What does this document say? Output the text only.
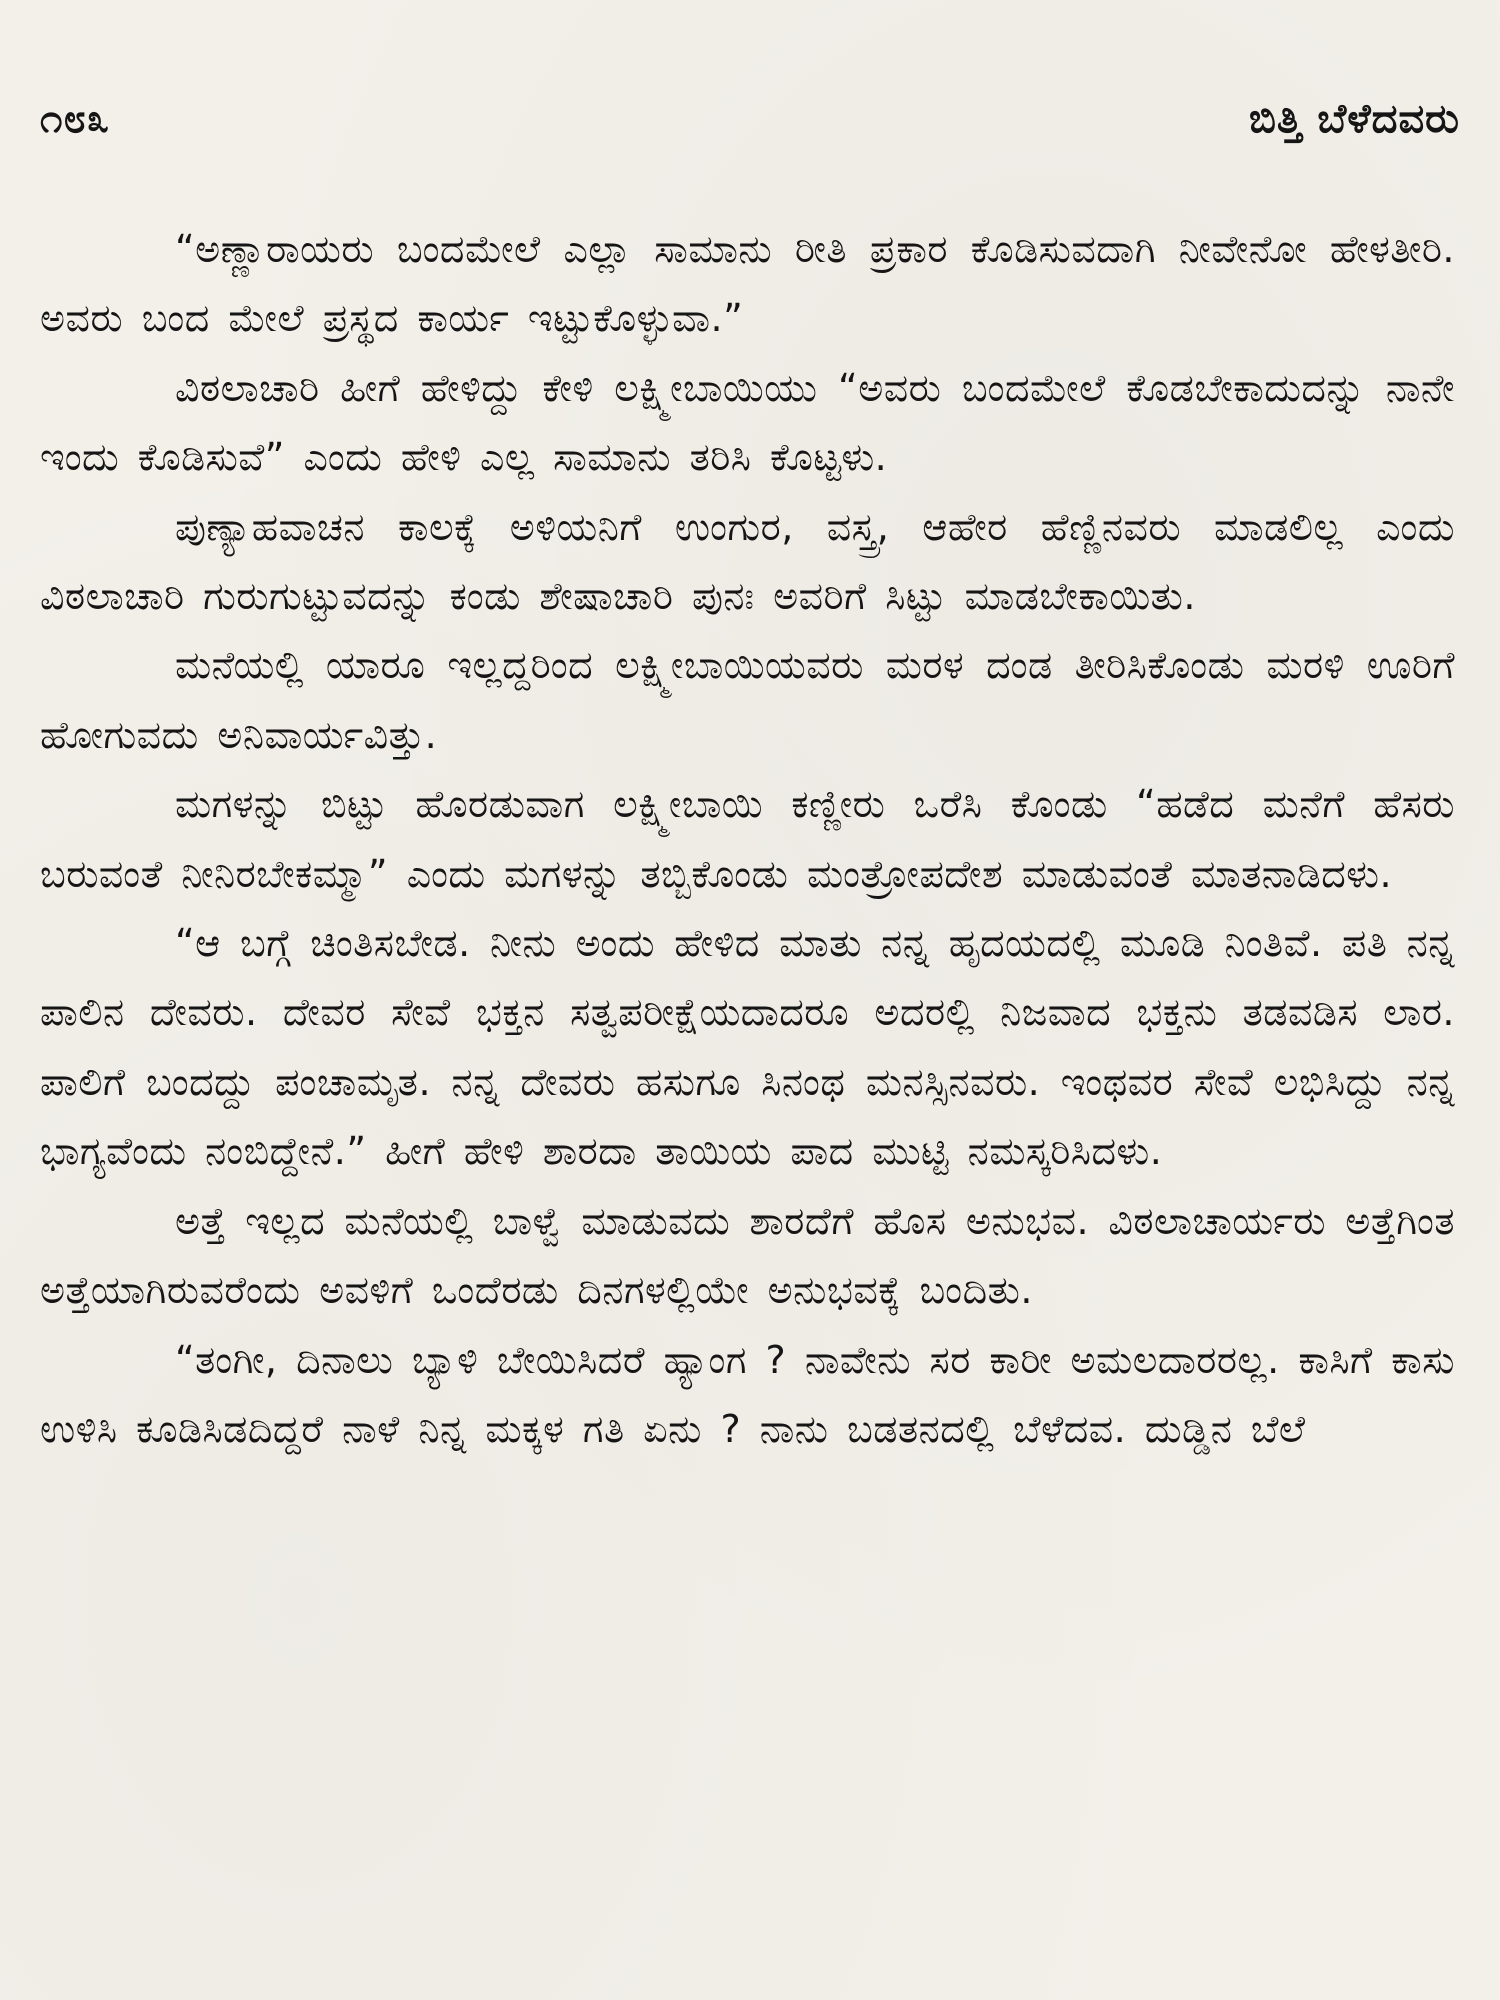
೧೮೩	ಬಿತ್ತಿ ಬೆಳೆದವರು

“ಅಣ್ಣಾರಾಯರು ಬಂದಮೇಲೆ ಎಲ್ಲಾ ಸಾಮಾನು ರೀತಿ ಪ್ರಕಾರ ಕೊಡಿಸುವದಾಗಿ ನೀವೇನೋ ಹೇಳತೀರಿ. ಅವರು ಬಂದ ಮೇಲೆ ಪ್ರಸ್ಥದ ಕಾರ್ಯ ಇಟ್ಟುಕೊಳ್ಳುವಾ.”

ವಿಠಲಾಚಾರಿ ಹೀಗೆ ಹೇಳಿದ್ದು ಕೇಳಿ ಲಕ್ಷ್ಮೀಬಾಯಿಯು “ಅವರು ಬಂದಮೇಲೆ ಕೊಡಬೇಕಾದುದನ್ನು ನಾನೇ ಇಂದು ಕೊಡಿಸುವೆ” ಎಂದು ಹೇಳಿ ಎಲ್ಲ ಸಾಮಾನು ತರಿಸಿ ಕೊಟ್ಟಳು.

ಪುಣ್ಯಾಹವಾಚನ ಕಾಲಕ್ಕೆ ಅಳಿಯನಿಗೆ ಉಂಗುರ, ವಸ್ತ್ರ, ಆಹೇರ ಹೆಣ್ಣಿನವರು ಮಾಡಲಿಲ್ಲ ಎಂದು ವಿಠಲಾಚಾರಿ ಗುರುಗುಟ್ಟುವದನ್ನು ಕಂಡು ಶೇಷಾಚಾರಿ ಪುನಃ ಅವರಿಗೆ ಸಿಟ್ಟು ಮಾಡಬೇಕಾಯಿತು.

ಮನೆಯಲ್ಲಿ ಯಾರೂ ಇಲ್ಲದ್ದರಿಂದ ಲಕ್ಷ್ಮೀಬಾಯಿಯವರು ಮರಳ ದಂಡ ತೀರಿಸಿಕೊಂಡು ಮರಳಿ ಊರಿಗೆ ಹೋಗುವದು ಅನಿವಾರ್ಯವಿತ್ತು.

ಮಗಳನ್ನು ಬಿಟ್ಟು ಹೊರಡುವಾಗ ಲಕ್ಷ್ಮೀಬಾಯಿ ಕಣ್ಣೀರು ಒರೆಸಿ ಕೊಂಡು “ಹಡೆದ ಮನೆಗೆ ಹೆಸರು ಬರುವಂತೆ ನೀನಿರಬೇಕಮ್ಮಾ” ಎಂದು ಮಗಳನ್ನು ತಬ್ಬಿಕೊಂಡು ಮಂತ್ರೋಪದೇಶ ಮಾಡುವಂತೆ ಮಾತನಾಡಿದಳು.

“ಆ ಬಗ್ಗೆ ಚಿಂತಿಸಬೇಡ. ನೀನು ಅಂದು ಹೇಳಿದ ಮಾತು ನನ್ನ ಹೃದಯದಲ್ಲಿ ಮೂಡಿ ನಿಂತಿವೆ. ಪತಿ ನನ್ನ ಪಾಲಿನ ದೇವರು. ದೇವರ ಸೇವೆ ಭಕ್ತನ ಸತ್ವಪರೀಕ್ಷೆಯದಾದರೂ ಅದರಲ್ಲಿ ನಿಜವಾದ ಭಕ್ತನು ತಡವಡಿಸ ಲಾರ. ಪಾಲಿಗೆ ಬಂದದ್ದು ಪಂಚಾಮೃತ. ನನ್ನ ದೇವರು ಹಸುಗೂ ಸಿನಂಥ ಮನಸ್ಸಿನವರು. ಇಂಥವರ ಸೇವೆ ಲಭಿಸಿದ್ದು ನನ್ನ ಭಾಗ್ಯವೆಂದು ನಂಬಿದ್ದೇನೆ.” ಹೀಗೆ ಹೇಳಿ ಶಾರದಾ ತಾಯಿಯ ಪಾದ ಮುಟ್ಟಿ ನಮಸ್ಕರಿಸಿದಳು.

ಅತ್ತೆ ಇಲ್ಲದ ಮನೆಯಲ್ಲಿ ಬಾಳ್ವೆ ಮಾಡುವದು ಶಾರದೆಗೆ ಹೊಸ ಅನುಭವ. ವಿಠಲಾಚಾರ್ಯರು ಅತ್ತೆಗಿಂತ ಅತ್ತೆಯಾಗಿರುವರೆಂದು ಅವಳಿಗೆ ಒಂದೆರಡು ದಿನಗಳಲ್ಲಿಯೇ ಅನುಭವಕ್ಕೆ ಬಂದಿತು.

“ತಂಗೀ, ದಿನಾಲು ಬ್ಯಾಳಿ ಬೇಯಿಸಿದರೆ ಹ್ಯಾಂಗ ? ನಾವೇನು ಸರ ಕಾರೀ ಅಮಲದಾರರಲ್ಲ. ಕಾಸಿಗೆ ಕಾಸು ಉಳಿಸಿ ಕೂಡಿಸಿಡದಿದ್ದರೆ ನಾಳೆ ನಿನ್ನ ಮಕ್ಕಳ ಗತಿ ಏನು ? ನಾನು ಬಡತನದಲ್ಲಿ ಬೆಳೆದವ. ದುಡ್ಡಿನ ಬೆಲೆ
